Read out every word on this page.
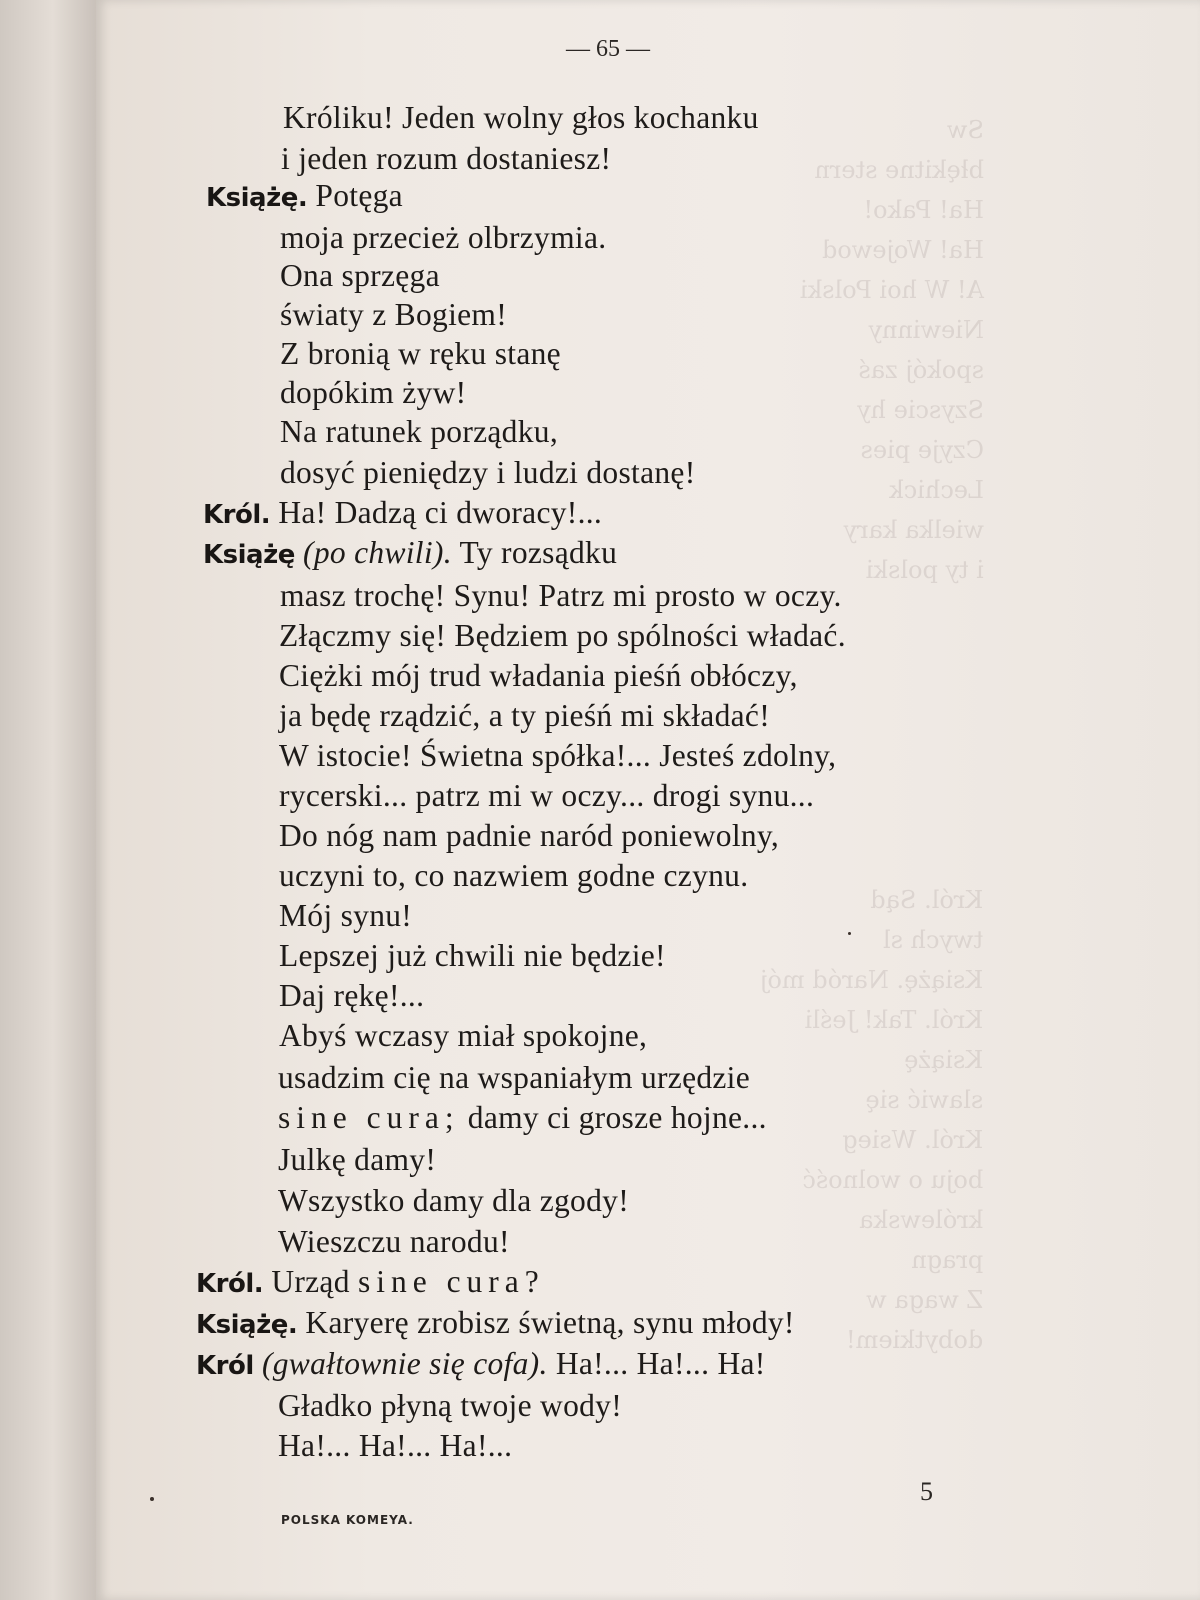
— 65 —
Króliku! Jeden wolny głos kochanku
i jeden rozum dostaniesz!
Książę. Potęga
moja przecież olbrzymia.
Ona sprzęga
światy z Bogiem!
Z bronią w ręku stanę
dopókim żyw!
Na ratunek porządku,
dosyć pieniędzy i ludzi dostanę!
Król. Ha! Dadzą ci dworacy!...
Książę (po chwili). Ty rozsądku
masz trochę! Synu! Patrz mi prosto w oczy.
Złączmy się! Będziem po spólności władać.
Ciężki mój trud władania pieśń obłóczy,
ja będę rządzić, a ty pieśń mi składać!
W istocie! Świetna spółka!... Jesteś zdolny,
rycerski... patrz mi w oczy... drogi synu...
Do nóg nam padnie naród poniewolny,
uczyni to, co nazwiem godne czynu.
Mój synu!
Lepszej już chwili nie będzie!
Daj rękę!...
Abyś wczasy miał spokojne,
usadzim cię na wspaniałym urzędzie
sine cura; damy ci grosze hojne...
Julkę damy!
Wszystko damy dla zgody!
Wieszczu narodu!
Król. Urząd sine cura?
Książę. Karyerę zrobisz świetną, synu młody!
Król (gwałtownie się cofa). Ha!... Ha!... Ha!
Gładko płyną twoje wody!
Ha!... Ha!... Ha!...
POLSKA KOMEYA.
5
